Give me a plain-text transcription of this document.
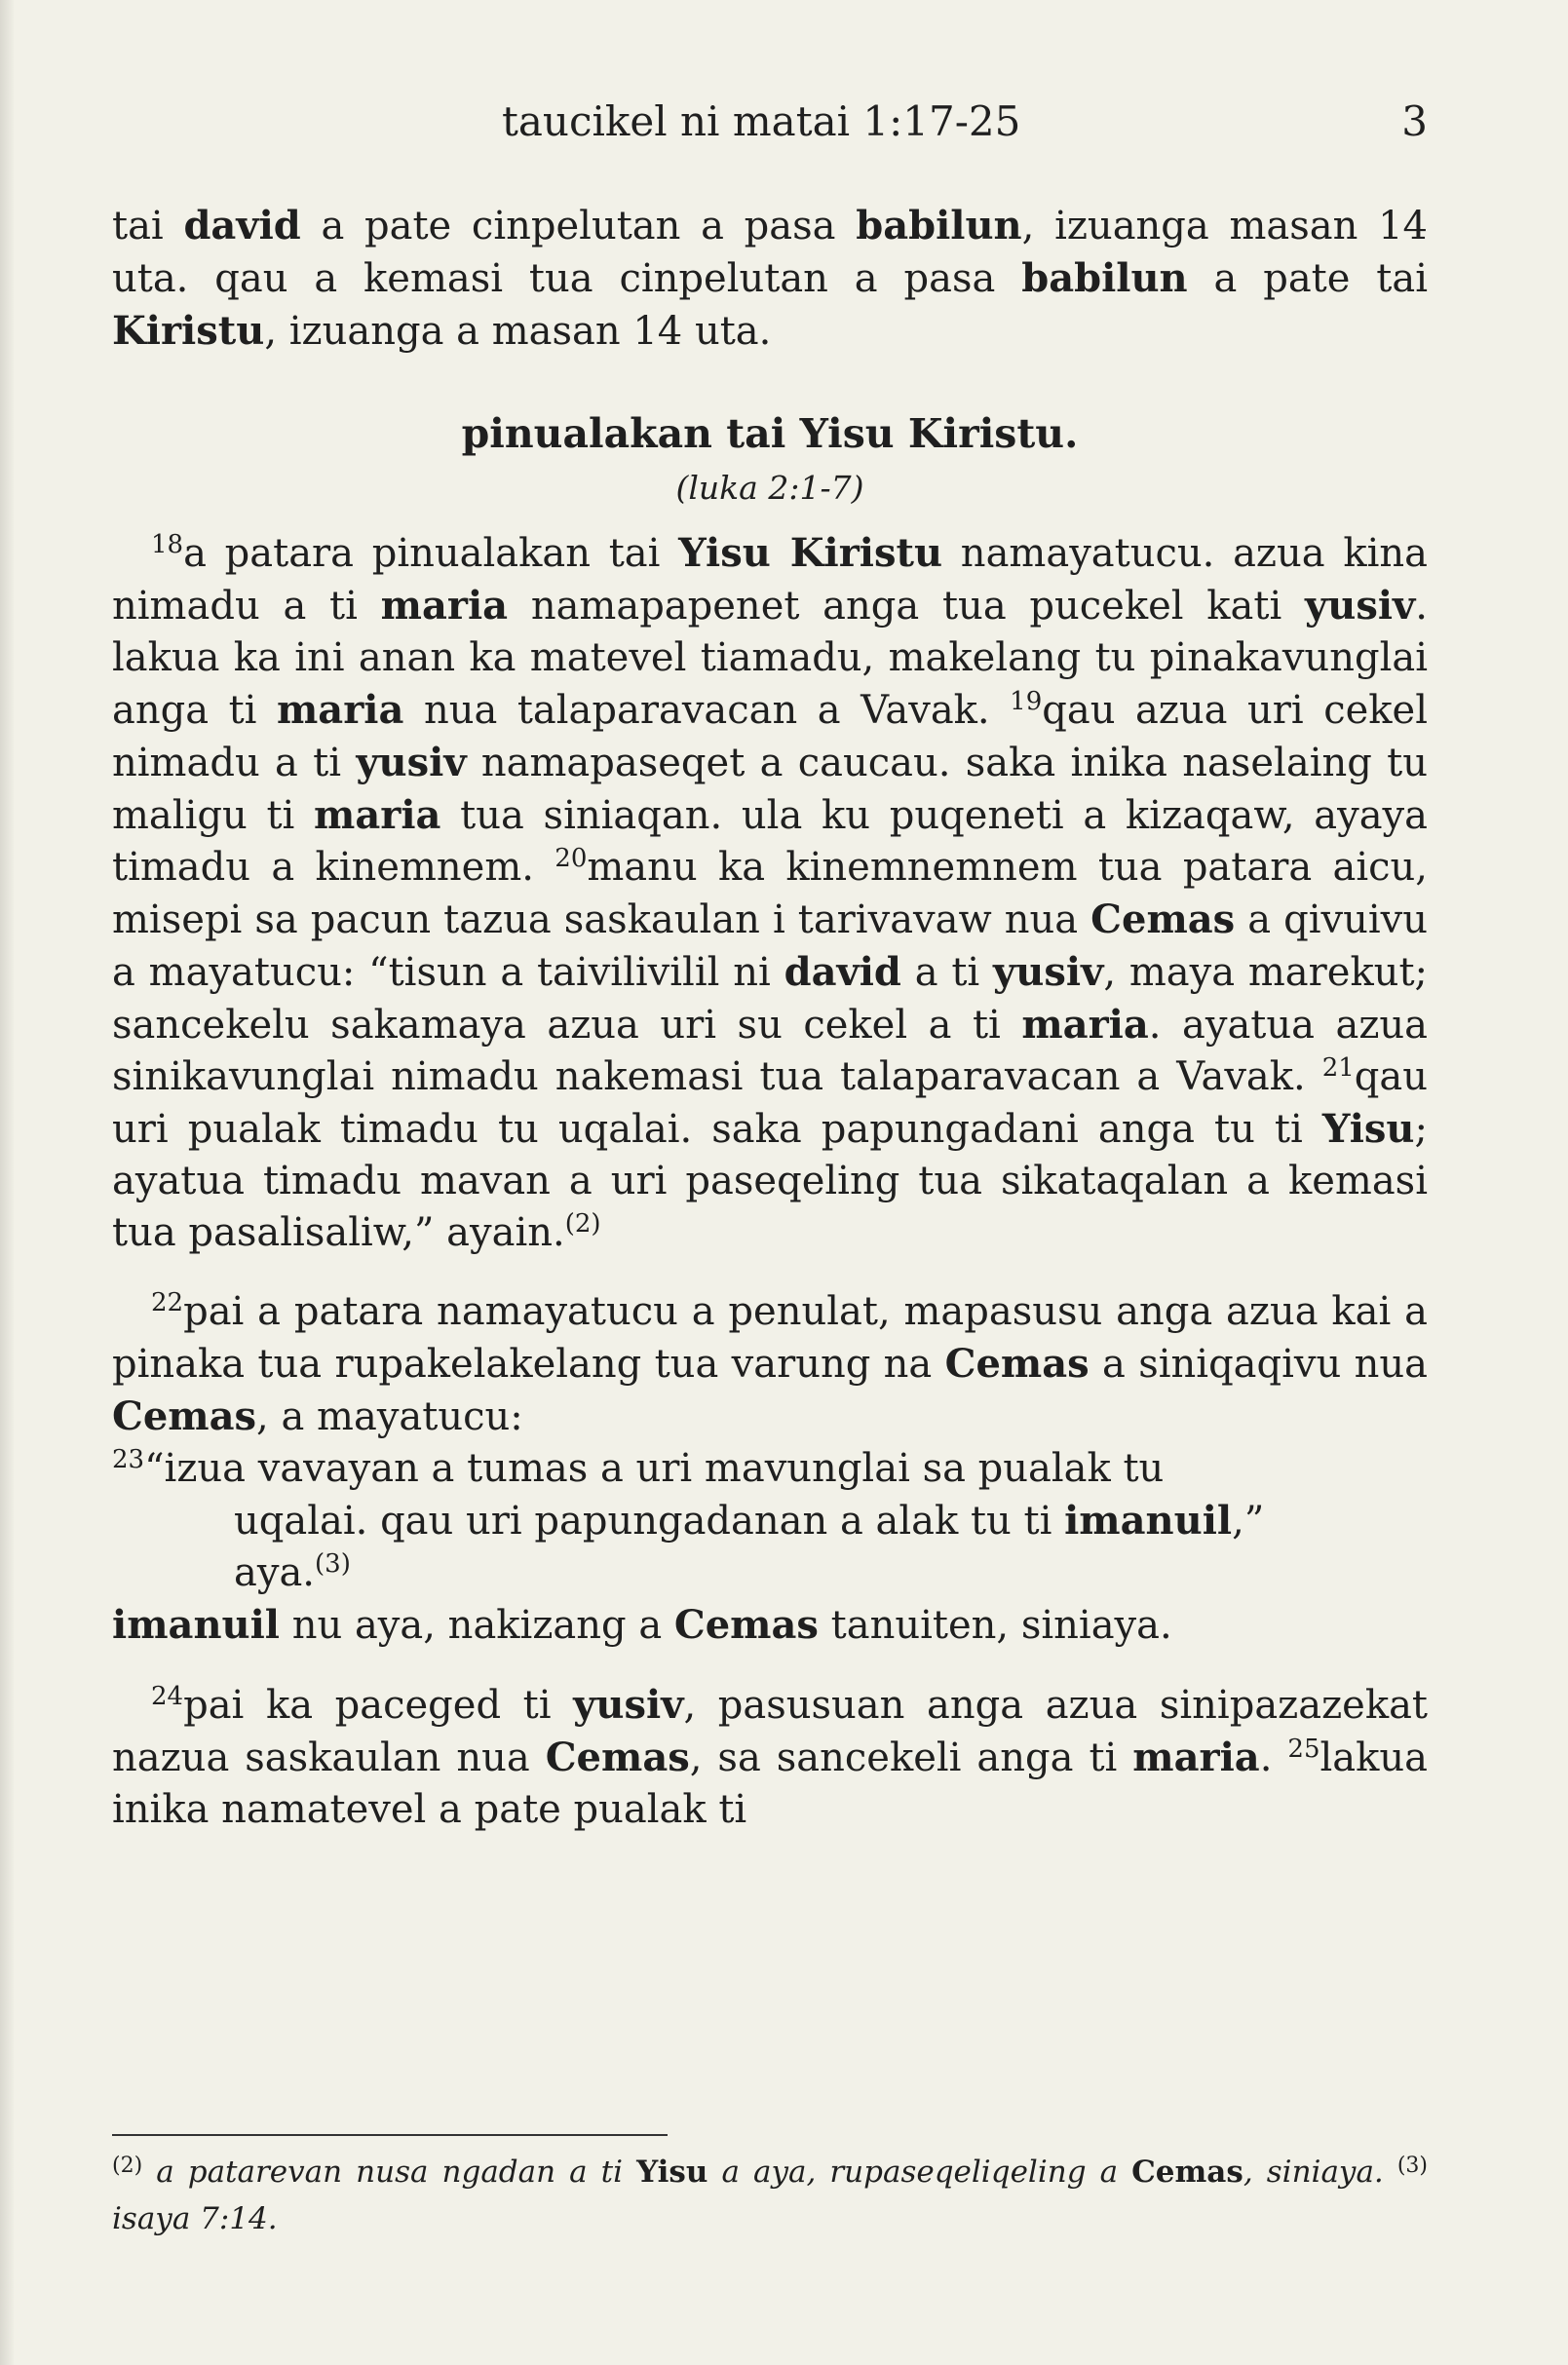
taucikel ni matai 1:17-25	3

tai david a pate cinpelutan a pasa babilun, izuanga masan 14 uta. qau a kemasi tua cinpelutan a pasa babilun a pate tai Kiristu, izuanga a masan 14 uta.

pinualakan tai Yisu Kiristu.
(luka 2:1-7)

$^{18}$a patara pinualakan tai Yisu Kiristu namayatucu. azua kina nimadu a ti maria namapapenet anga tua pucekel kati yusiv. lakua ka ini anan ka matevel tiamadu, makelang tu pinakavunglai anga ti maria nua talaparavacan a Vavak. $^{19}$qau azua uri cekel nimadu a ti yusiv namapaseqet a caucau. saka inika naselaing tu maligu ti maria tua siniaqan. ula ku puqeneti a kizaqaw, ayaya timadu a kinemnem. $^{20}$manu ka kinemnemnem tua patara aicu, misepi sa pacun tazua saskaulan i tarivavaw nua Cemas a qivuivu a mayatucu: “tisun a taivilivilil ni david a ti yusiv, maya marekut; sancekelu sakamaya azua uri su cekel a ti maria. ayatua azua sinikavunglai nimadu nakemasi tua talaparavacan a Vavak. $^{21}$qau uri pualak timadu tu uqalai. saka papungadani anga tu ti Yisu; ayatua timadu mavan a uri paseqeling tua sikataqalan a kemasi tua pasalisaliw,” ayain.$^{(2)}$

$^{22}$pai a patara namayatucu a penulat, mapasusu anga azua kai a pinaka tua rupakelakelang tua varung na Cemas a siniqaqivu nua Cemas, a mayatucu:

$^{23}$“izua vavayan a tumas a uri mavunglai sa pualak tu
uqalai. qau uri papungadanan a alak tu ti imanuil,”
aya.$^{(3)}$

imanuil nu aya, nakizang a Cemas tanuiten, siniaya.

$^{24}$pai ka paceged ti yusiv, pasusuan anga azua sinipazazekat nazua saskaulan nua Cemas, sa sancekeli anga ti maria. $^{25}$lakua inika namatevel a pate pualak ti

$^{(2)}$ a patarevan nusa ngadan a ti Yisu a aya, rupaseqeliqeling a Cemas, siniaya. $^{(3)}$ isaya 7:14.
